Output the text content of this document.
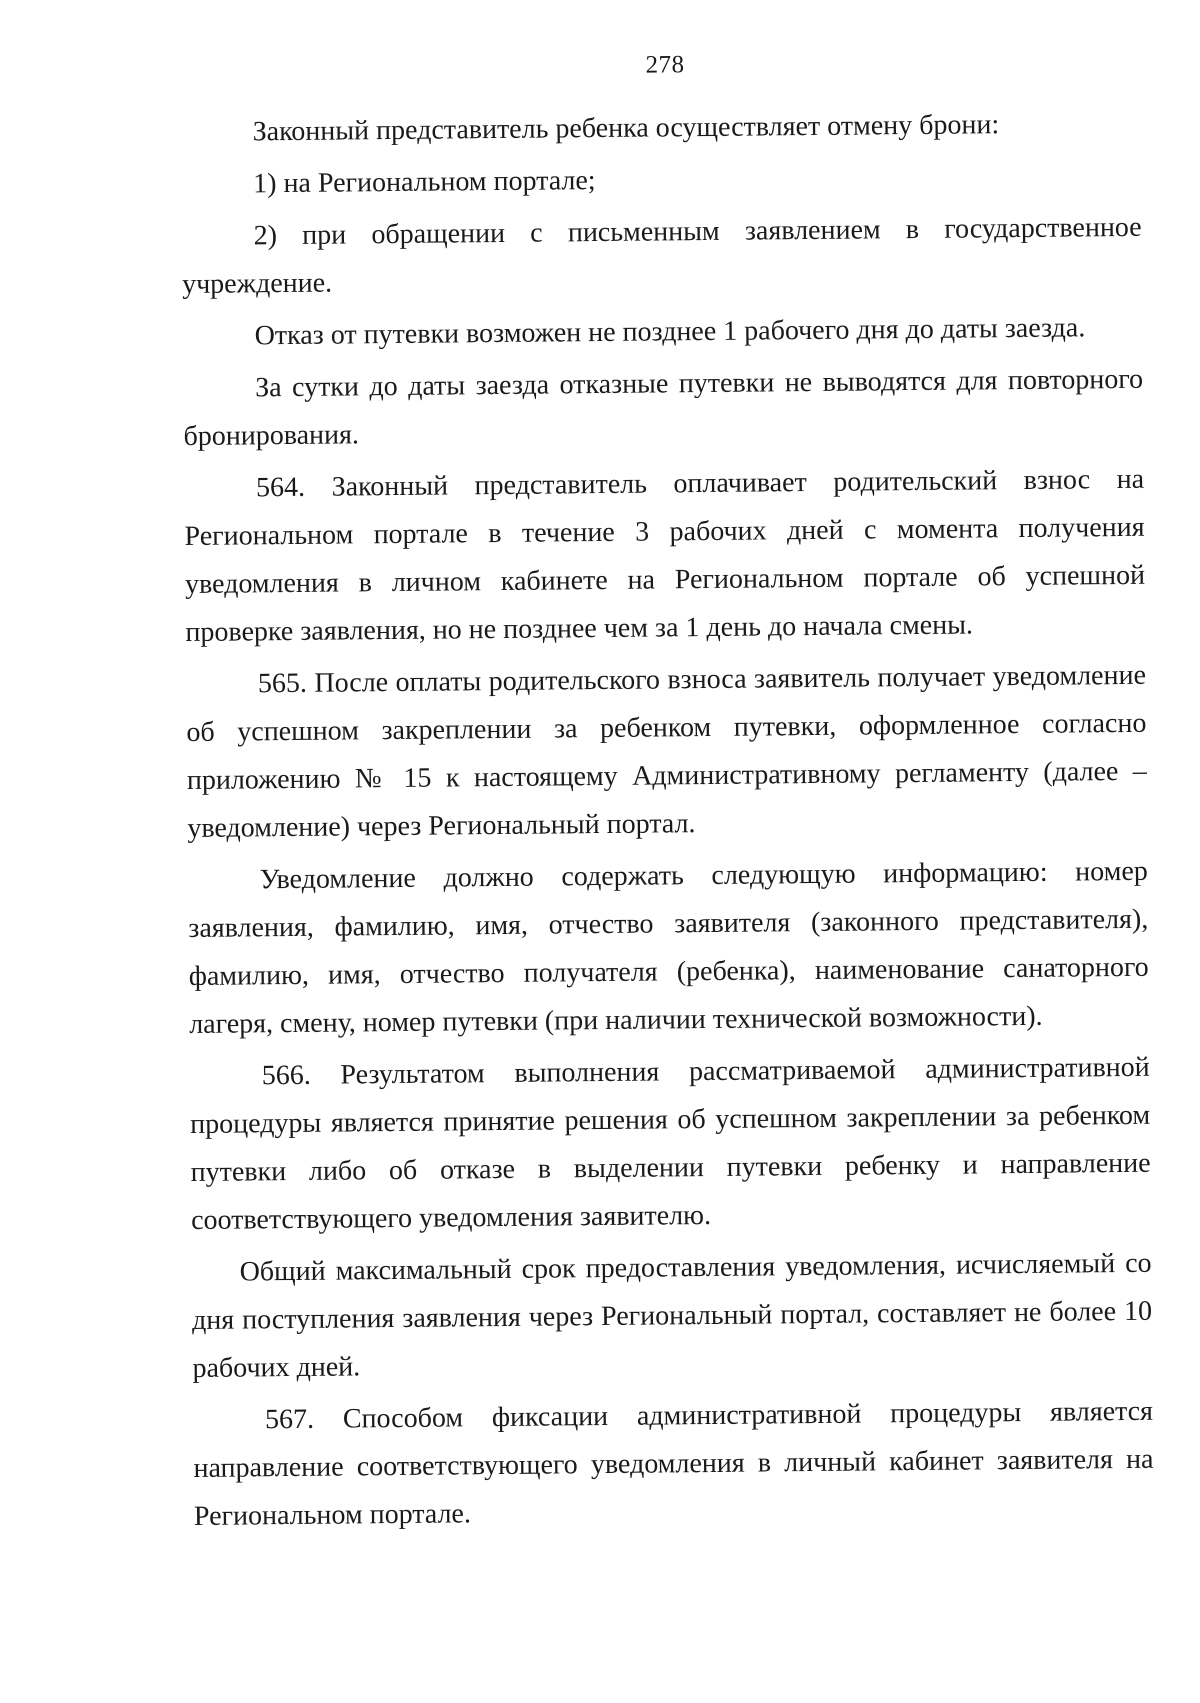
278

Законный представитель ребенка осуществляет отмену брони:

1) на Региональном портале;

2) при обращении с письменным заявлением в государственное учреждение.

Отказ от путевки возможен не позднее 1 рабочего дня до даты заезда.

За сутки до даты заезда отказные путевки не выводятся для повторного бронирования.

564. Законный представитель оплачивает родительский взнос на Региональном портале в течение 3 рабочих дней с момента получения уведомления в личном кабинете на Региональном портале об успешной проверке заявления, но не позднее чем за 1 день до начала смены.

565. После оплаты родительского взноса заявитель получает уведомление об успешном закреплении за ребенком путевки, оформленное согласно приложению № 15 к настоящему Административному регламенту (далее – уведомление) через Региональный портал.

Уведомление должно содержать следующую информацию: номер заявления, фамилию, имя, отчество заявителя (законного представителя), фамилию, имя, отчество получателя (ребенка), наименование санаторного лагеря, смену, номер путевки (при наличии технической возможности).

566. Результатом выполнения рассматриваемой административной процедуры является принятие решения об успешном закреплении за ребенком путевки либо об отказе в выделении путевки ребенку и направление соответствующего уведомления заявителю.

Общий максимальный срок предоставления уведомления, исчисляемый со дня поступления заявления через Региональный портал, составляет не более 10 рабочих дней.

567. Способом фиксации административной процедуры является направление соответствующего уведомления в личный кабинет заявителя на Региональном портале.
